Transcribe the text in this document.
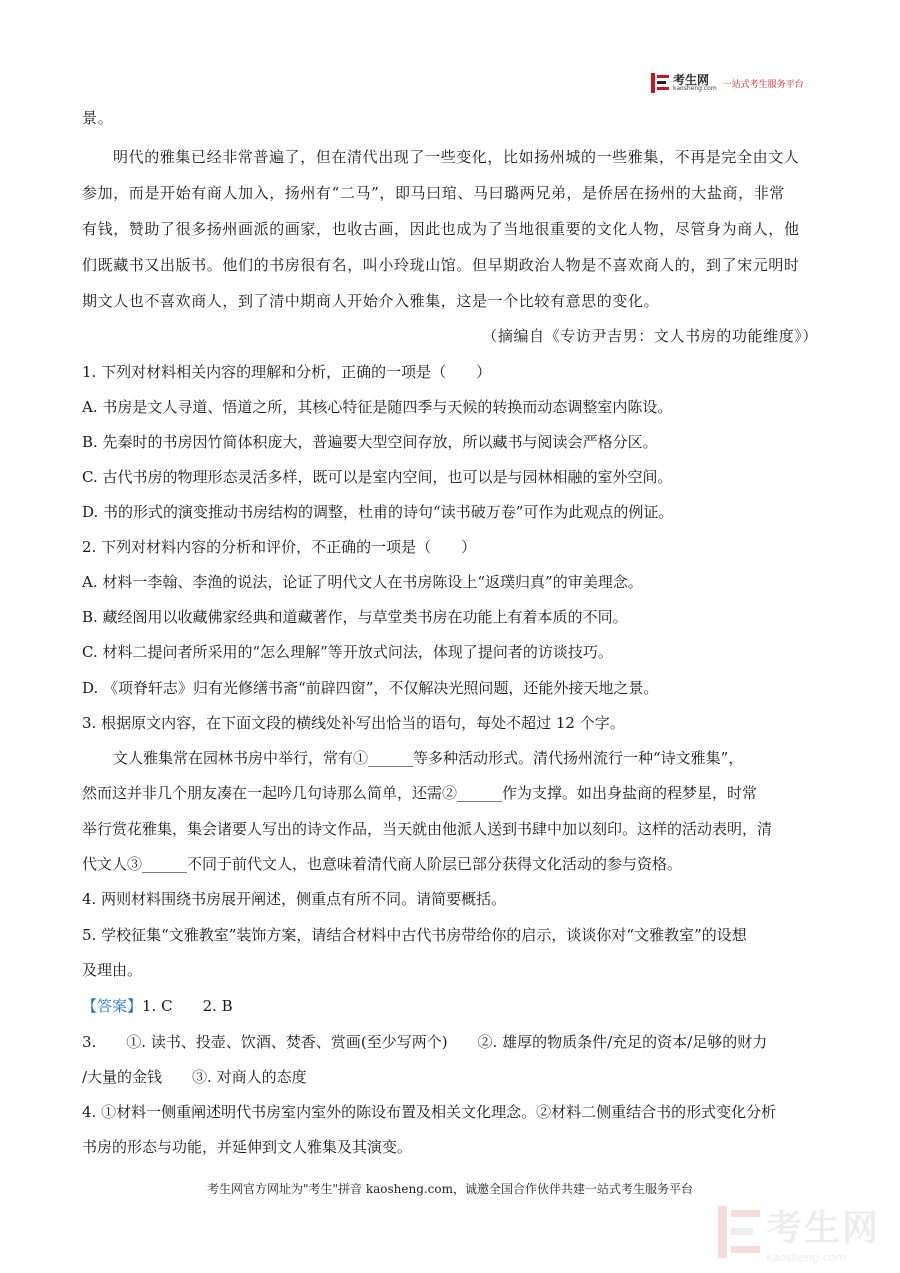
考生网
kaosheng.com 一站式考生服务平台
景。
明代的雅集已经非常普遍了，但在清代出现了一些变化，比如扬州城的一些雅集，不再是完全由文人
参加，而是开始有商人加入，扬州有“二马”，即马曰琯、马曰璐两兄弟，是侨居在扬州的大盐商，非常
有钱，赞助了很多扬州画派的画家，也收古画，因此也成为了当地很重要的文化人物，尽管身为商人，他
们既藏书又出版书。他们的书房很有名，叫小玲珑山馆。但早期政治人物是不喜欢商人的，到了宋元明时
期文人也不喜欢商人，到了清中期商人开始介入雅集，这是一个比较有意思的变化。
（摘编自《专访尹吉男：文人书房的功能维度》）
1. 下列对材料相关内容的理解和分析，正确的一项是（　　）
A. 书房是文人寻道、悟道之所，其核心特征是随四季与天候的转换而动态调整室内陈设。
B. 先秦时的书房因竹简体积庞大，普遍要大型空间存放，所以藏书与阅读会严格分区。
C. 古代书房的物理形态灵活多样，既可以是室内空间，也可以是与园林相融的室外空间。
D. 书的形式的演变推动书房结构的调整，杜甫的诗句“读书破万卷”可作为此观点的例证。
2. 下列对材料内容的分析和评价，不正确的一项是（　　）
A. 材料一李翰、李渔的说法，论证了明代文人在书房陈设上“返璞归真”的审美理念。
B. 藏经阁用以收藏佛家经典和道藏著作，与草堂类书房在功能上有着本质的不同。
C. 材料二提问者所采用的“怎么理解”等开放式问法，体现了提问者的访谈技巧。
D. 《项脊轩志》归有光修缮书斋“前辟四窗”，不仅解决光照问题，还能外接天地之景。
3. 根据原文内容，在下面文段的横线处补写出恰当的语句，每处不超过 12 个字。
文人雅集常在园林书房中举行，常有①______等多种活动形式。清代扬州流行一种“诗文雅集”，
然而这并非几个朋友凑在一起吟几句诗那么简单，还需②______作为支撑。如出身盐商的程梦星，时常
举行赏花雅集，集会诸要人写出的诗文作品，当天就由他派人送到书肆中加以刻印。这样的活动表明，清
代文人③______不同于前代文人，也意味着清代商人阶层已部分获得文化活动的参与资格。
4. 两则材料围绕书房展开阐述，侧重点有所不同。请简要概括。
5. 学校征集“文雅教室”装饰方案，请结合材料中古代书房带给你的启示，谈谈你对“文雅教室”的设想
及理由。
【答案】1. C　　2. B
3.　　①. 读书、投壶、饮酒、焚香、赏画(至少写两个)　　②. 雄厚的物质条件/充足的资本/足够的财力
/大量的金钱　　③. 对商人的态度
4. ①材料一侧重阐述明代书房室内室外的陈设布置及相关文化理念。②材料二侧重结合书的形式变化分析
书房的形态与功能，并延伸到文人雅集及其演变。
考生网官方网址为"考生"拼音 kaosheng.com，诚邀全国合作伙伴共建一站式考生服务平台
考生网
kaosheng.com
